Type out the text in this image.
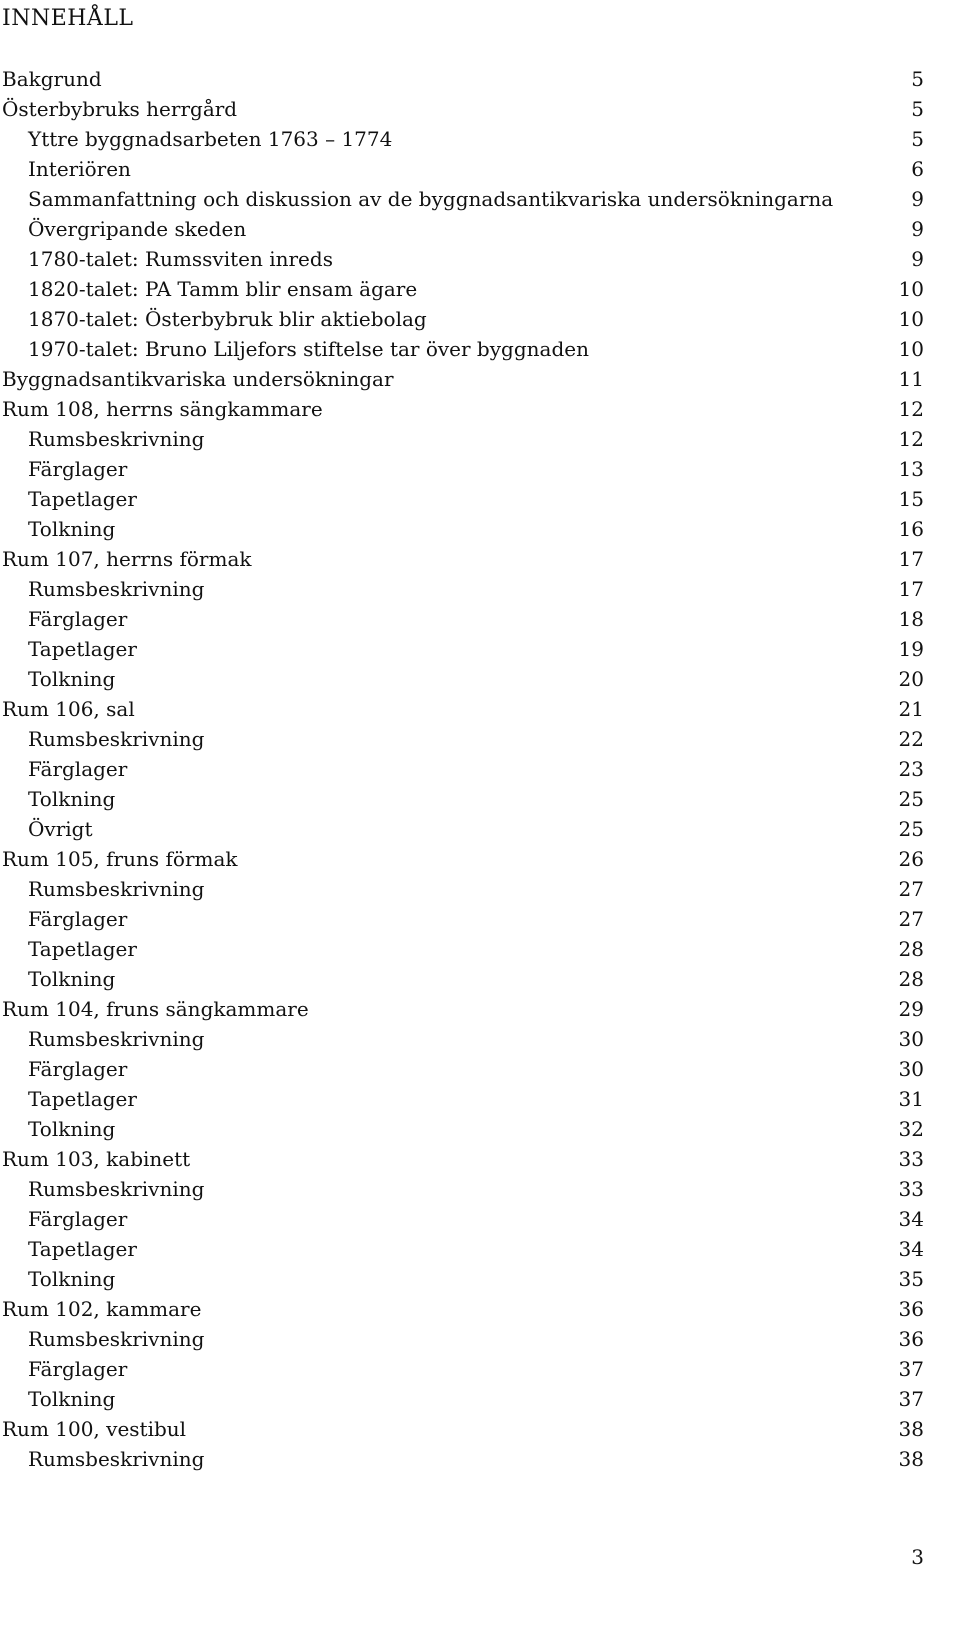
INNEHÅLL
Bakgrund	5
Österbybruks herrgård	5
Yttre byggnadsarbeten 1763 – 1774	5
Interiören	6
Sammanfattning och diskussion av de byggnadsantikvariska undersökningarna	9
Övergripande skeden	9
1780-talet: Rumssviten inreds	9
1820-talet: PA Tamm blir ensam ägare	10
1870-talet: Österbybruk blir aktiebolag	10
1970-talet: Bruno Liljefors stiftelse tar över byggnaden	10
Byggnadsantikvariska undersökningar	11
Rum 108, herrns sängkammare	12
Rumsbeskrivning	12
Färglager	13
Tapetlager	15
Tolkning	16
Rum 107, herrns förmak	17
Rumsbeskrivning	17
Färglager	18
Tapetlager	19
Tolkning	20
Rum 106, sal	21
Rumsbeskrivning	22
Färglager	23
Tolkning	25
Övrigt	25
Rum 105, fruns förmak	26
Rumsbeskrivning	27
Färglager	27
Tapetlager	28
Tolkning	28
Rum 104, fruns sängkammare	29
Rumsbeskrivning	30
Färglager	30
Tapetlager	31
Tolkning	32
Rum 103, kabinett	33
Rumsbeskrivning	33
Färglager	34
Tapetlager	34
Tolkning	35
Rum 102, kammare	36
Rumsbeskrivning	36
Färglager	37
Tolkning	37
Rum 100, vestibul	38
Rumsbeskrivning	38
3
